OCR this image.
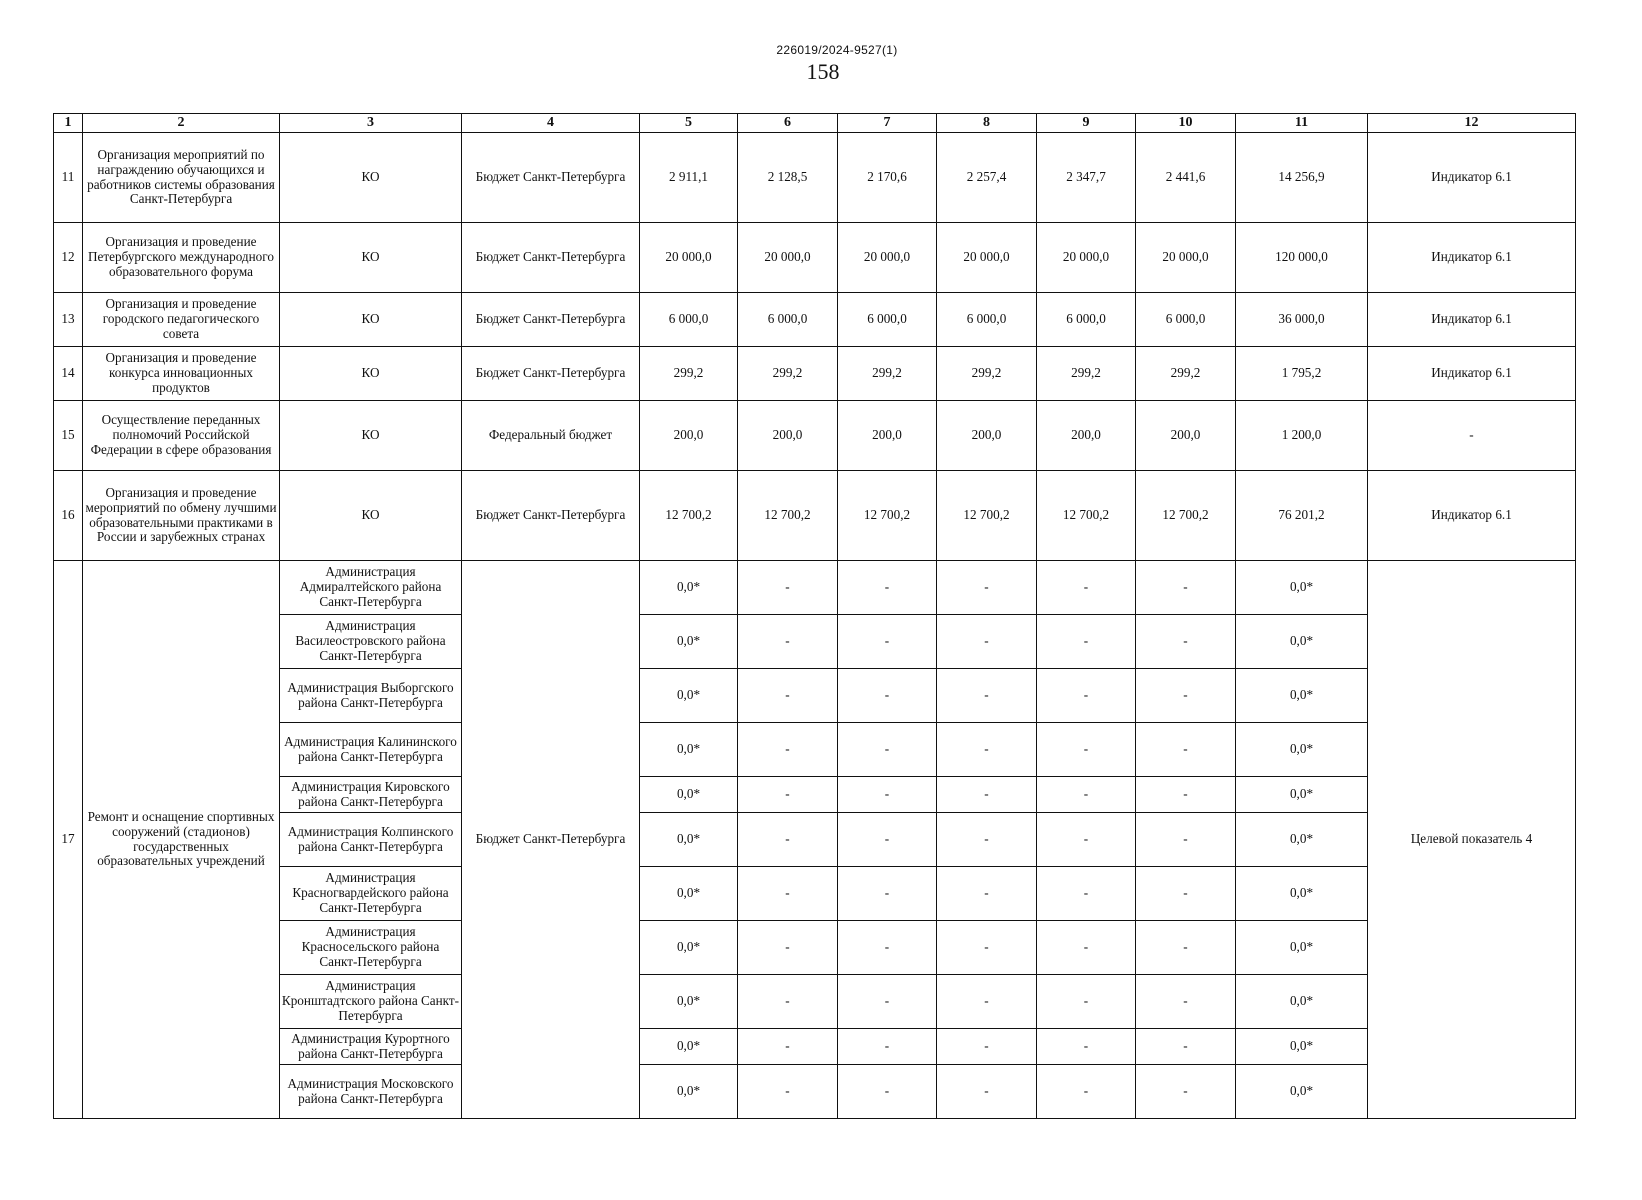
226019/2024-9527(1)
158
1	2	3	4	5	6	7	8	9	10	11	12
11	Организация мероприятий по награждению обучающихся и работников системы образования Санкт-Петербурга	КО	Бюджет Санкт-Петербурга	2 911,1	2 128,5	2 170,6	2 257,4	2 347,7	2 441,6	14 256,9	Индикатор 6.1
12	Организация и проведение Петербургского международного образовательного форума	КО	Бюджет Санкт-Петербурга	20 000,0	20 000,0	20 000,0	20 000,0	20 000,0	20 000,0	120 000,0	Индикатор 6.1
13	Организация и проведение городского педагогического совета	КО	Бюджет Санкт-Петербурга	6 000,0	6 000,0	6 000,0	6 000,0	6 000,0	6 000,0	36 000,0	Индикатор 6.1
14	Организация и проведение конкурса инновационных продуктов	КО	Бюджет Санкт-Петербурга	299,2	299,2	299,2	299,2	299,2	299,2	1 795,2	Индикатор 6.1
15	Осуществление переданных полномочий Российской Федерации в сфере образования	КО	Федеральный бюджет	200,0	200,0	200,0	200,0	200,0	200,0	1 200,0	-
16	Организация и проведение мероприятий по обмену лучшими образовательными практиками в России и зарубежных странах	КО	Бюджет Санкт-Петербурга	12 700,2	12 700,2	12 700,2	12 700,2	12 700,2	12 700,2	76 201,2	Индикатор 6.1
17	Ремонт и оснащение спортивных сооружений (стадионов) государственных образовательных учреждений	Администрация Адмиралтейского района Санкт-Петербурга	Бюджет Санкт-Петербурга	0,0*	-	-	-	-	-	0,0*	Целевой показатель 4
		Администрация Василеостровского района Санкт-Петербурга		0,0*	-	-	-	-	-	0,0*	
		Администрация Выборгского района Санкт-Петербурга		0,0*	-	-	-	-	-	0,0*	
		Администрация Калининского района Санкт-Петербурга		0,0*	-	-	-	-	-	0,0*	
		Администрация Кировского района Санкт-Петербурга		0,0*	-	-	-	-	-	0,0*	
		Администрация Колпинского района Санкт-Петербурга		0,0*	-	-	-	-	-	0,0*	
		Администрация Красногвардейского района Санкт-Петербурга		0,0*	-	-	-	-	-	0,0*	
		Администрация Красносельского района Санкт-Петербурга		0,0*	-	-	-	-	-	0,0*	
		Администрация Кронштадтского района Санкт-Петербурга		0,0*	-	-	-	-	-	0,0*	
		Администрация Курортного района Санкт-Петербурга		0,0*	-	-	-	-	-	0,0*	
		Администрация Московского района Санкт-Петербурга		0,0*	-	-	-	-	-	0,0*	
